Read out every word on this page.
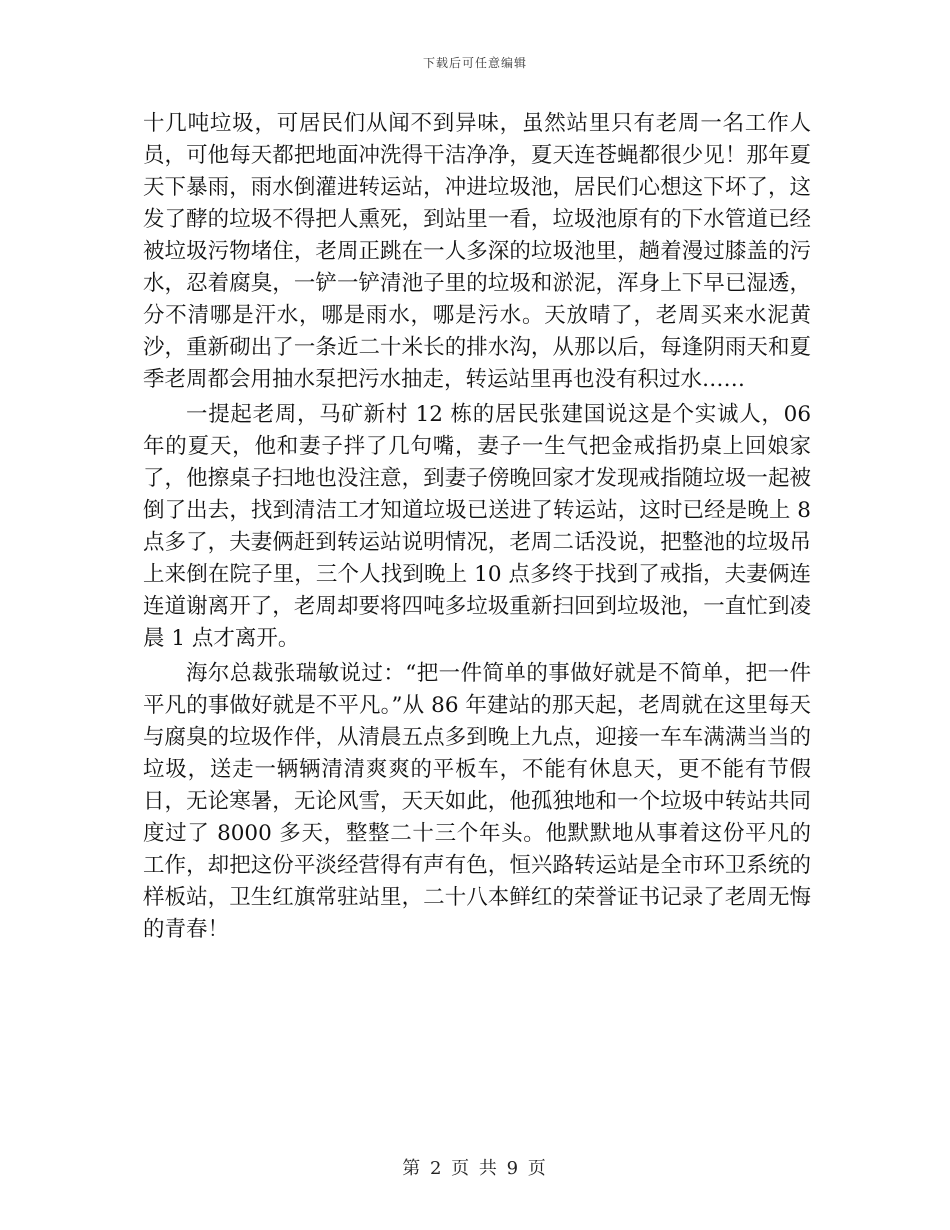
下载后可任意编辑

十几吨垃圾，可居民们从闻不到异味，虽然站里只有老周一名工作人员，可他每天都把地面冲洗得干洁净净，夏天连苍蝇都很少见！那年夏天下暴雨，雨水倒灌进转运站，冲进垃圾池，居民们心想这下坏了，这发了酵的垃圾不得把人熏死，到站里一看，垃圾池原有的下水管道已经被垃圾污物堵住，老周正跳在一人多深的垃圾池里，趟着漫过膝盖的污水，忍着腐臭，一铲一铲清池子里的垃圾和淤泥，浑身上下早已湿透，分不清哪是汗水，哪是雨水，哪是污水。天放晴了，老周买来水泥黄沙，重新砌出了一条近二十米长的排水沟，从那以后，每逢阴雨天和夏季老周都会用抽水泵把污水抽走，转运站里再也没有积过水……

一提起老周，马矿新村 12 栋的居民张建国说这是个实诚人，06 年的夏天，他和妻子拌了几句嘴，妻子一生气把金戒指扔桌上回娘家了，他擦桌子扫地也没注意，到妻子傍晚回家才发现戒指随垃圾一起被倒了出去，找到清洁工才知道垃圾已送进了转运站，这时已经是晚上 8 点多了，夫妻俩赶到转运站说明情况，老周二话没说，把整池的垃圾吊上来倒在院子里，三个人找到晚上 10 点多终于找到了戒指，夫妻俩连连道谢离开了，老周却要将四吨多垃圾重新扫回到垃圾池，一直忙到凌晨 1 点才离开。

海尔总裁张瑞敏说过：“把一件简单的事做好就是不简单，把一件平凡的事做好就是不平凡。”从 86 年建站的那天起，老周就在这里每天与腐臭的垃圾作伴，从清晨五点多到晚上九点，迎接一车车满满当当的垃圾，送走一辆辆清清爽爽的平板车，不能有休息天，更不能有节假日，无论寒暑，无论风雪，天天如此，他孤独地和一个垃圾中转站共同度过了 8000 多天，整整二十三个年头。他默默地从事着这份平凡的工作，却把这份平淡经营得有声有色，恒兴路转运站是全市环卫系统的样板站，卫生红旗常驻站里，二十八本鲜红的荣誉证书记录了老周无悔的青春！

第 2 页 共 9 页
